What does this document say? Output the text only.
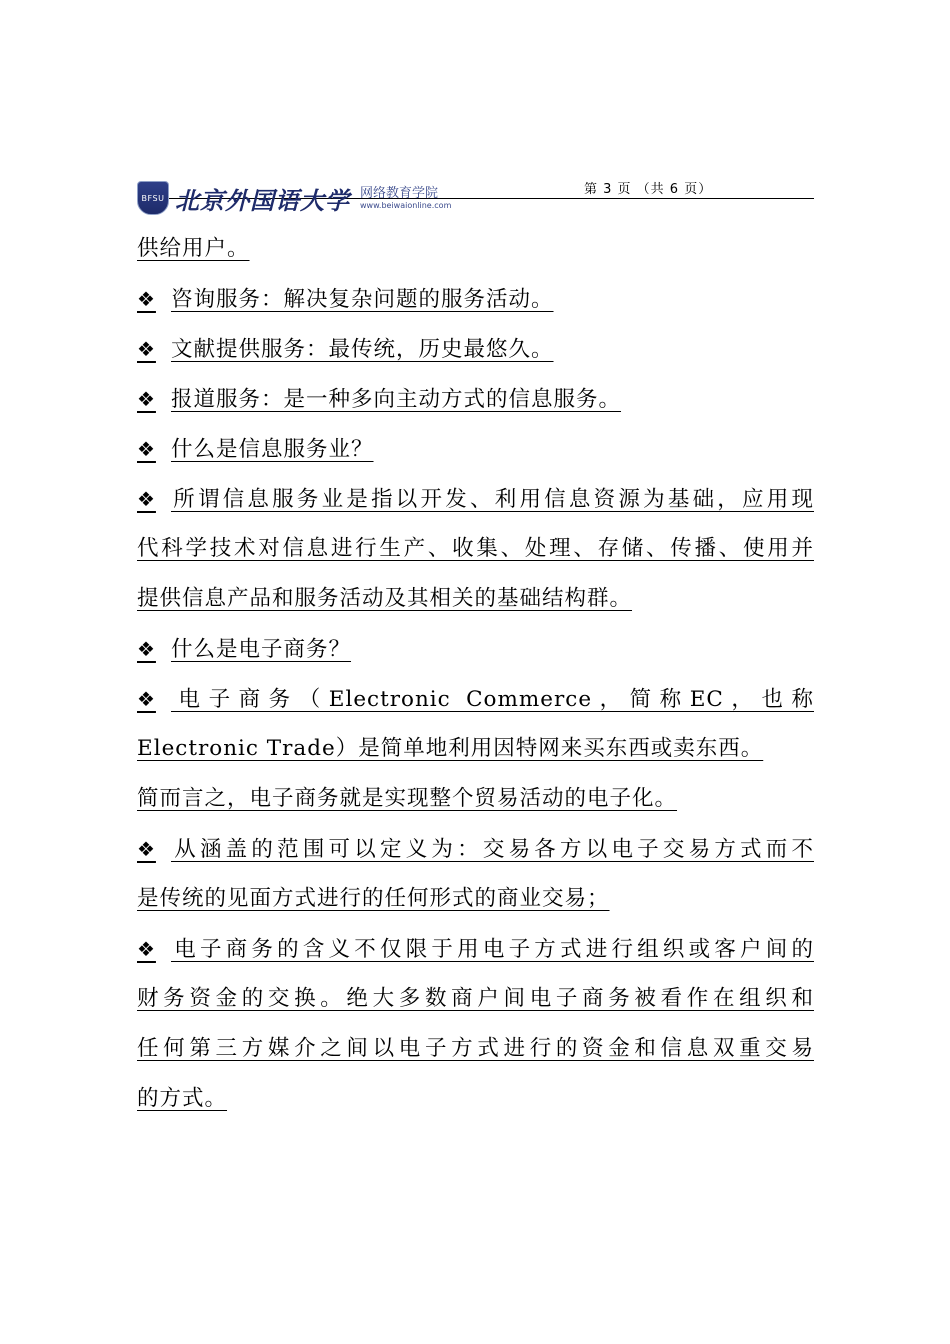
BFSU 北京外国语大学 网络教育学院
www.beiwaionline.com
第 3 页 （共 6 页）
供给用户。
❖ 咨询服务：解决复杂问题的服务活动。
❖ 文献提供服务：最传统，历史最悠久。
❖ 报道服务：是一种多向主动方式的信息服务。
❖ 什么是信息服务业？
❖ 所谓信息服务业是指以开发、利用信息资源为基础，应用现
代科学技术对信息进行生产、收集、处理、存储、传播、使用并
提供信息产品和服务活动及其相关的基础结构群。
❖ 什么是电子商务？
❖ 电子商务（Electronic Commerce，简称EC，也称
Electronic Trade）是简单地利用因特网来买东西或卖东西。
简而言之，电子商务就是实现整个贸易活动的电子化。
❖ 从涵盖的范围可以定义为：交易各方以电子交易方式而不
是传统的见面方式进行的任何形式的商业交易；
❖ 电子商务的含义不仅限于用电子方式进行组织或客户间的
财务资金的交换。绝大多数商户间电子商务被看作在组织和
任何第三方媒介之间以电子方式进行的资金和信息双重交易
的方式。
